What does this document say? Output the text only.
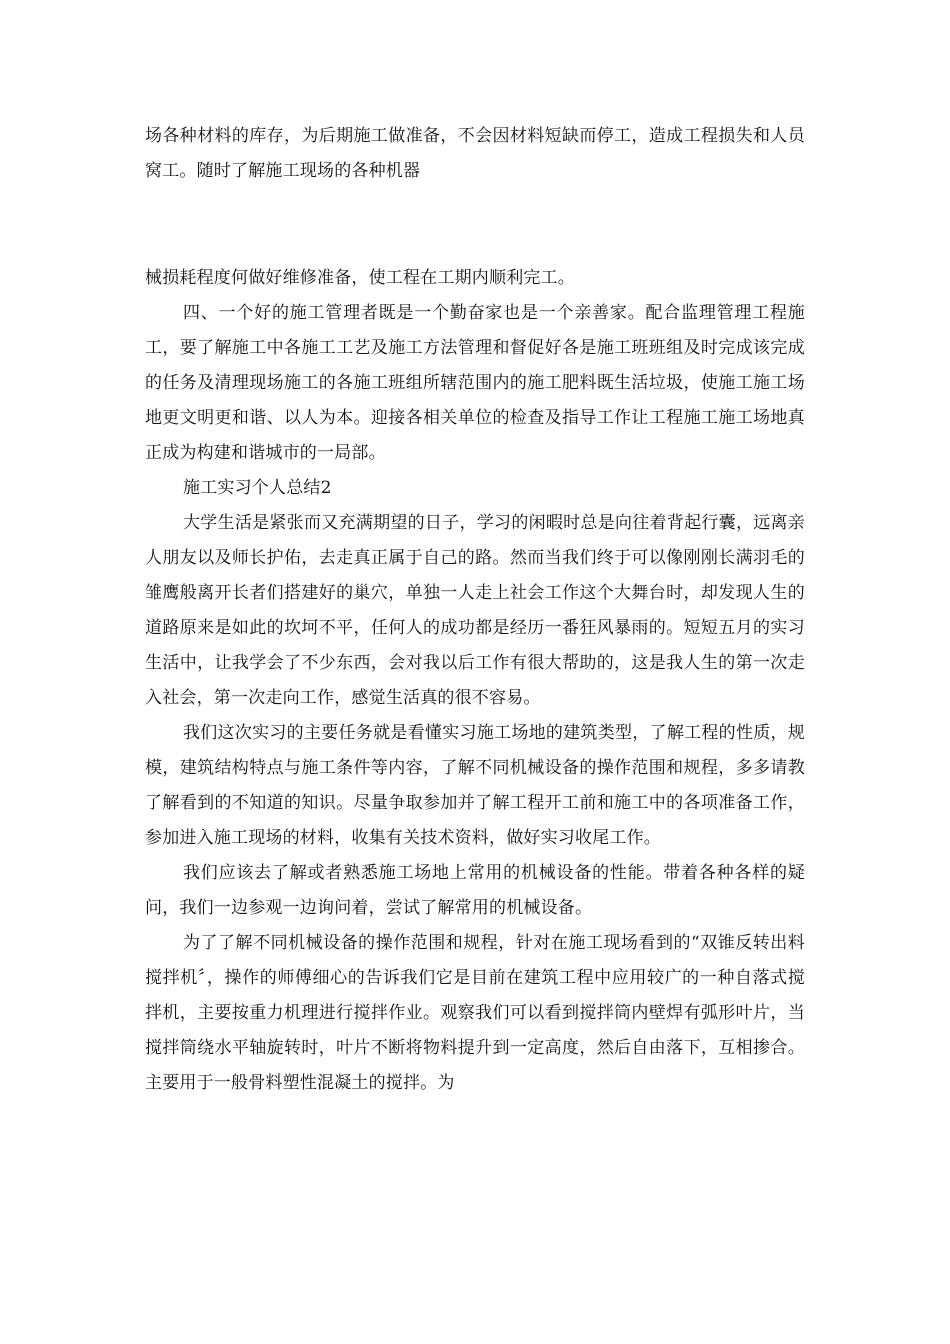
场各种材料的库存，为后期施工做准备，不会因材料短缺而停工，造成工程损失和人员窝工。随时了解施工现场的各种机器

械损耗程度何做好维修准备，使工程在工期内顺利完工。

四、一个好的施工管理者既是一个勤奋家也是一个亲善家。配合监理管理工程施工，要了解施工中各施工工艺及施工方法管理和督促好各是施工班班组及时完成该完成的任务及清理现场施工的各施工班组所辖范围内的施工肥料既生活垃圾，使施工施工场地更文明更和谐、以人为本。迎接各相关单位的检查及指导工作让工程施工施工场地真正成为构建和谐城市的一局部。

施工实习个人总结2

大学生活是紧张而又充满期望的日子，学习的闲暇时总是向往着背起行囊，远离亲人朋友以及师长护佑，去走真正属于自己的路。然而当我们终于可以像刚刚长满羽毛的雏鹰般离开长者们搭建好的巢穴，单独一人走上社会工作这个大舞台时，却发现人生的道路原来是如此的坎坷不平，任何人的成功都是经历一番狂风暴雨的。短短五月的实习生活中，让我学会了不少东西，会对我以后工作有很大帮助的，这是我人生的第一次走入社会，第一次走向工作，感觉生活真的很不容易。

我们这次实习的主要任务就是看懂实习施工场地的建筑类型，了解工程的性质，规模，建筑结构特点与施工条件等内容，了解不同机械设备的操作范围和规程，多多请教了解看到的不知道的知识。尽量争取参加并了解工程开工前和施工中的各项准备工作，参加进入施工现场的材料，收集有关技术资料，做好实习收尾工作。

我们应该去了解或者熟悉施工场地上常用的机械设备的性能。带着各种各样的疑问，我们一边参观一边询问着，尝试了解常用的机械设备。

为了了解不同机械设备的操作范围和规程，针对在施工现场看到的“双锥反转出料搅拌机〞，操作的师傅细心的告诉我们它是目前在建筑工程中应用较广的一种自落式搅拌机，主要按重力机理进行搅拌作业。观察我们可以看到搅拌筒内壁焊有弧形叶片，当搅拌筒绕水平轴旋转时，叶片不断将物料提升到一定高度，然后自由落下，互相掺合。主要用于一般骨料塑性混凝土的搅拌。为
